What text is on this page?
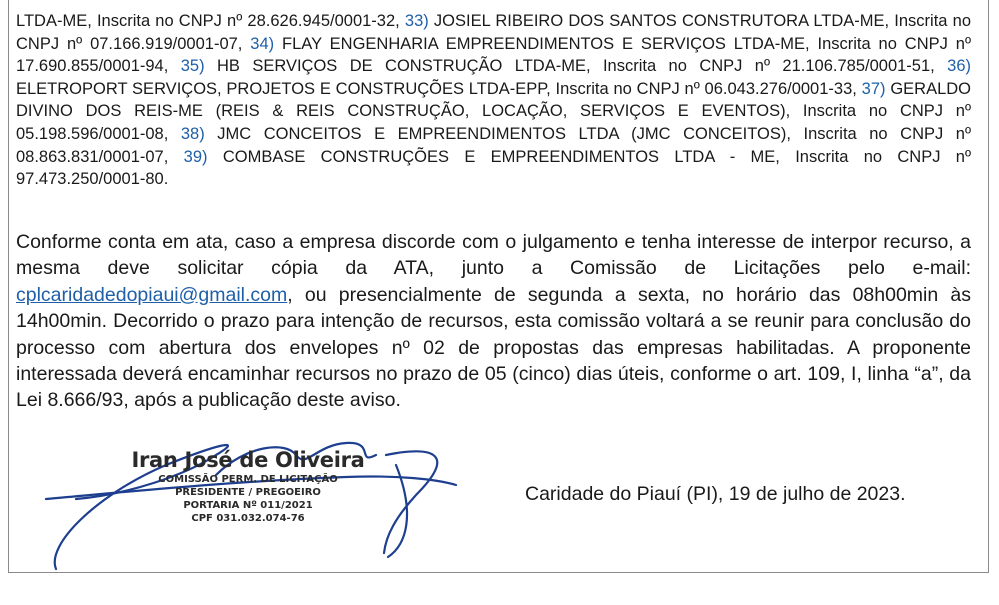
LTDA-ME, Inscrita no CNPJ nº 28.626.945/0001-32, 33) JOSIEL RIBEIRO DOS SANTOS CONSTRUTORA LTDA-ME, Inscrita no CNPJ nº 07.166.919/0001-07, 34) FLAY ENGENHARIA EMPREENDIMENTOS E SERVIÇOS LTDA-ME, Inscrita no CNPJ nº 17.690.855/0001-94, 35) HB SERVIÇOS DE CONSTRUÇÃO LTDA-ME, Inscrita no CNPJ nº 21.106.785/0001-51, 36) ELETROPORT SERVIÇOS, PROJETOS E CONSTRUÇÕES LTDA-EPP, Inscrita no CNPJ nº 06.043.276/0001-33, 37) GERALDO DIVINO DOS REIS-ME (REIS & REIS CONSTRUÇÃO, LOCAÇÃO, SERVIÇOS E EVENTOS), Inscrita no CNPJ nº 05.198.596/0001-08, 38) JMC CONCEITOS E EMPREENDIMENTOS LTDA (JMC CONCEITOS), Inscrita no CNPJ nº 08.863.831/0001-07, 39) COMBASE CONSTRUÇÕES E EMPREENDIMENTOS LTDA - ME, Inscrita no CNPJ nº 97.473.250/0001-80.
Conforme conta em ata, caso a empresa discorde com o julgamento e tenha interesse de interpor recurso, a mesma deve solicitar cópia da ATA, junto a Comissão de Licitações pelo e-mail: cplcaridadedopiaui@gmail.com, ou presencialmente de segunda a sexta, no horário das 08h00min às 14h00min. Decorrido o prazo para intenção de recursos, esta comissão voltará a se reunir para conclusão do processo com abertura dos envelopes nº 02 de propostas das empresas habilitadas. A proponente interessada deverá encaminhar recursos no prazo de 05 (cinco) dias úteis, conforme o art. 109, I, linha “a”, da Lei 8.666/93, após a publicação deste aviso.
Iran José de Oliveira
COMISSÃO PERM. DE LICITAÇÃO
PRESIDENTE / PREGOEIRO
PORTARIA Nº 011/2021
CPF 031.032.074-76
Caridade do Piauí (PI), 19 de julho de 2023.
